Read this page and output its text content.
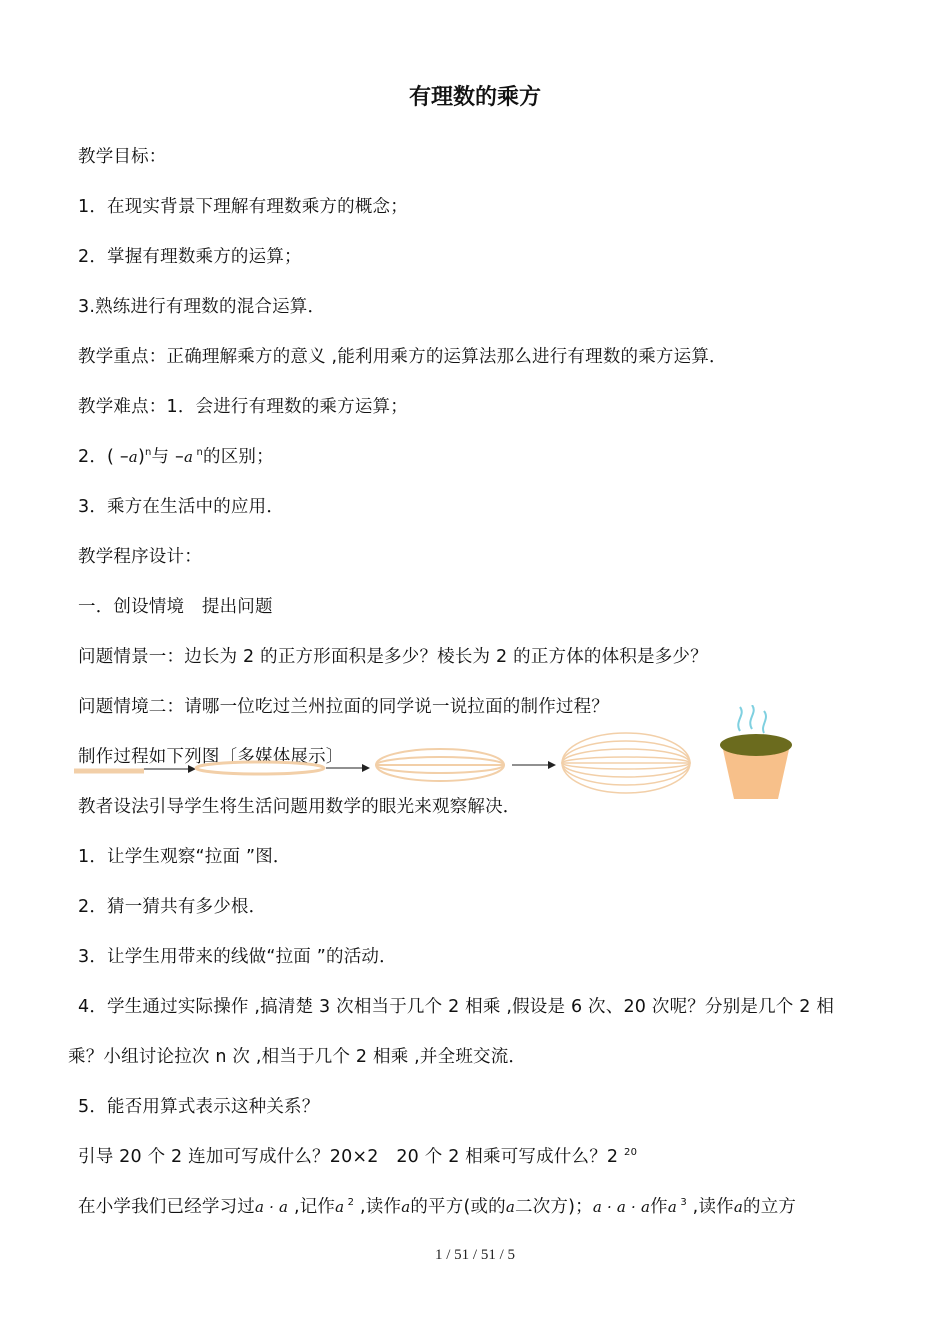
有理数的乘方
教学目标：
1．在现实背景下理解有理数乘方的概念；
2．掌握有理数乘方的运算；
3.熟练进行有理数的混合运算．
教学重点：正确理解乘方的意义 ,能利用乘方的运算法那么进行有理数的乘方运算．
教学难点：1．会进行有理数的乘方运算；
2．( –a)$^n$与 –a $^n$的区别；
3．乘方在生活中的应用．
教学程序设计：
一．创设情境　提出问题
问题情景一：边长为 2 的正方形面积是多少？棱长为 2 的正方体的体积是多少？
问题情境二：请哪一位吃过兰州拉面的同学说一说拉面的制作过程？
制作过程如下列图〔多媒体展示〕
教者设法引导学生将生活问题用数学的眼光来观察解决．
1．让学生观察“拉面 ”图．
2．猜一猜共有多少根．
3．让学生用带来的线做“拉面 ”的活动．
4．学生通过实际操作 ,搞清楚 3 次相当于几个 2 相乘 ,假设是 6 次、20 次呢？分别是几个 2 相
乘？小组讨论拉次 n 次 ,相当于几个 2 相乘 ,并全班交流．
5．能否用算式表示这种关系？
引导 20 个 2 连加可写成什么？20×2　20 个 2 相乘可写成什么？2 $^{20}$
在小学我们已经学习过a · a ,记作a $^2$ ,读作a的平方(或的a二次方)；a · a · a作a $^3$ ,读作a的立方
1 / 51 / 51 / 5
